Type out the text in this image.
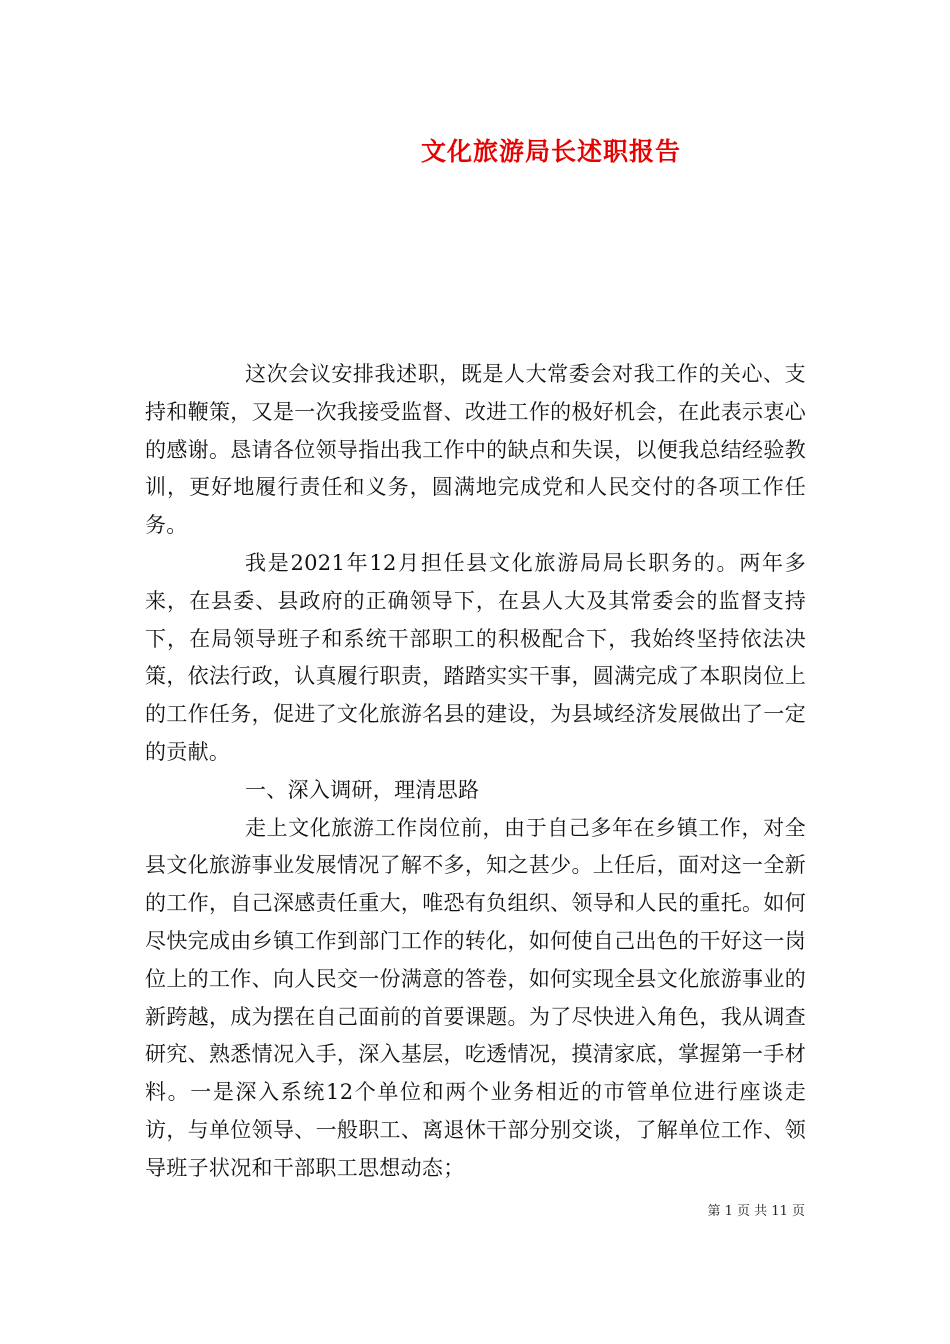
文化旅游局长述职报告

这次会议安排我述职，既是人大常委会对我工作的关心、支持和鞭策，又是一次我接受监督、改进工作的极好机会，在此表示衷心的感谢。恳请各位领导指出我工作中的缺点和失误，以便我总结经验教训，更好地履行责任和义务，圆满地完成党和人民交付的各项工作任务。

我是2021年12月担任县文化旅游局局长职务的。两年多来，在县委、县政府的正确领导下，在县人大及其常委会的监督支持下，在局领导班子和系统干部职工的积极配合下，我始终坚持依法决策，依法行政，认真履行职责，踏踏实实干事，圆满完成了本职岗位上的工作任务，促进了文化旅游名县的建设，为县域经济发展做出了一定的贡献。

一、深入调研，理清思路

走上文化旅游工作岗位前，由于自己多年在乡镇工作，对全县文化旅游事业发展情况了解不多，知之甚少。上任后，面对这一全新的工作，自己深感责任重大，唯恐有负组织、领导和人民的重托。如何尽快完成由乡镇工作到部门工作的转化，如何使自己出色的干好这一岗位上的工作、向人民交一份满意的答卷，如何实现全县文化旅游事业的新跨越，成为摆在自己面前的首要课题。为了尽快进入角色，我从调查研究、熟悉情况入手，深入基层，吃透情况，摸清家底，掌握第一手材料。一是深入系统12个单位和两个业务相近的市管单位进行座谈走访，与单位领导、一般职工、离退休干部分别交谈，了解单位工作、领导班子状况和干部职工思想动态；

第 1 页 共 11 页
